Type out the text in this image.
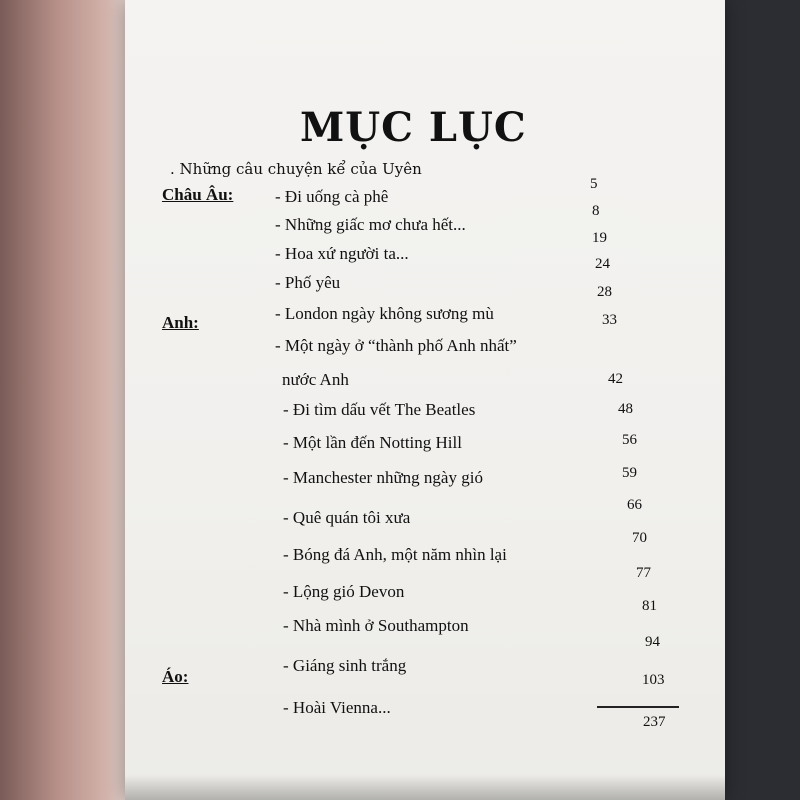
MỤC LỤC
. Những câu chuyện kể của Uyên
Châu Âu:
Anh:
Áo:
- Đi uống cà phê
- Những giấc mơ chưa hết...
- Hoa xứ người ta...
- Phố yêu
- London ngày không sương mù
- Một ngày ở “thành phố Anh nhất”
nước Anh
- Đi tìm dấu vết The Beatles
- Một lần đến Notting Hill
- Manchester những ngày gió
- Quê quán tôi xưa
- Bóng đá Anh, một năm nhìn lại
- Lộng gió Devon
- Nhà mình ở Southampton
- Giáng sinh trắng
- Hoài Vienna...
5
8
19
24
28
33
42
48
56
59
66
70
77
81
94
103
237
